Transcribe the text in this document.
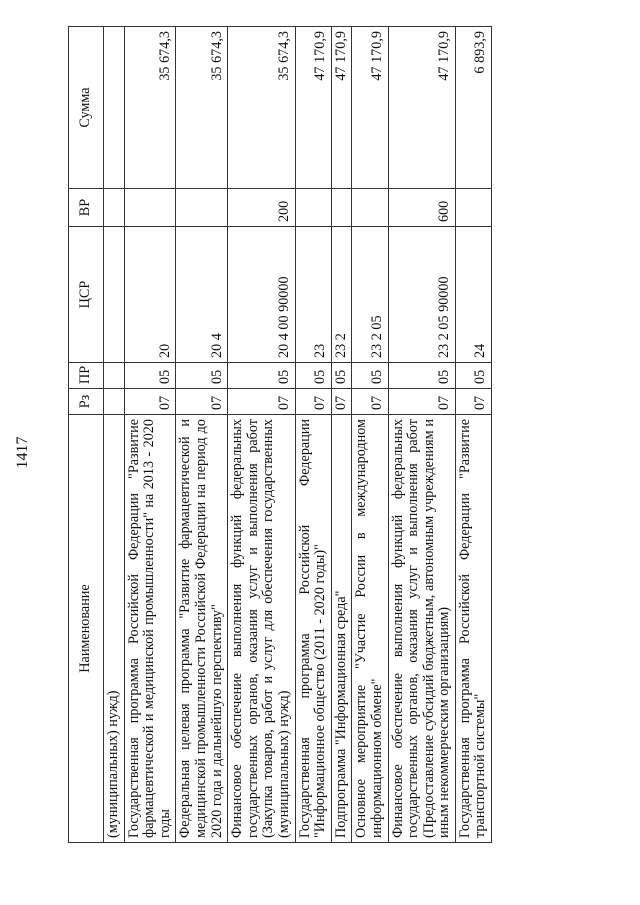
1417
Наименование	Рз	ПР	ЦСР	ВР	Сумма
(муниципальных) нужд)					
Государственная программа Российской Федерации "Развитие фармацевтической и медицинской промышленности" на 2013 - 2020 годы	07	05	20		35 674,3
Федеральная целевая программа "Развитие фармацевтической и медицинской промышленности Российской Федерации на период до 2020 года и дальнейшую перспективу"	07	05	20 4		35 674,3
Финансовое обеспечение выполнения функций федеральных государственных органов, оказания услуг и выполнения работ (Закупка товаров, работ и услуг для обеспечения государственных (муниципальных) нужд)	07	05	20 4 00 90000	200	35 674,3
Государственная программа Российской Федерации "Информационное общество (2011 - 2020 годы)"	07	05	23		47 170,9
Подпрограмма "Информационная среда"	07	05	23 2		47 170,9
Основное мероприятие "Участие России в международном информационном обмене"	07	05	23 2 05		47 170,9
Финансовое обеспечение выполнения функций федеральных государственных органов, оказания услуг и выполнения работ (Предоставление субсидий бюджетным, автономным учреждениям и иным некоммерческим организациям)	07	05	23 2 05 90000	600	47 170,9
Государственная программа Российской Федерации "Развитие транспортной системы"	07	05	24		6 893,9
